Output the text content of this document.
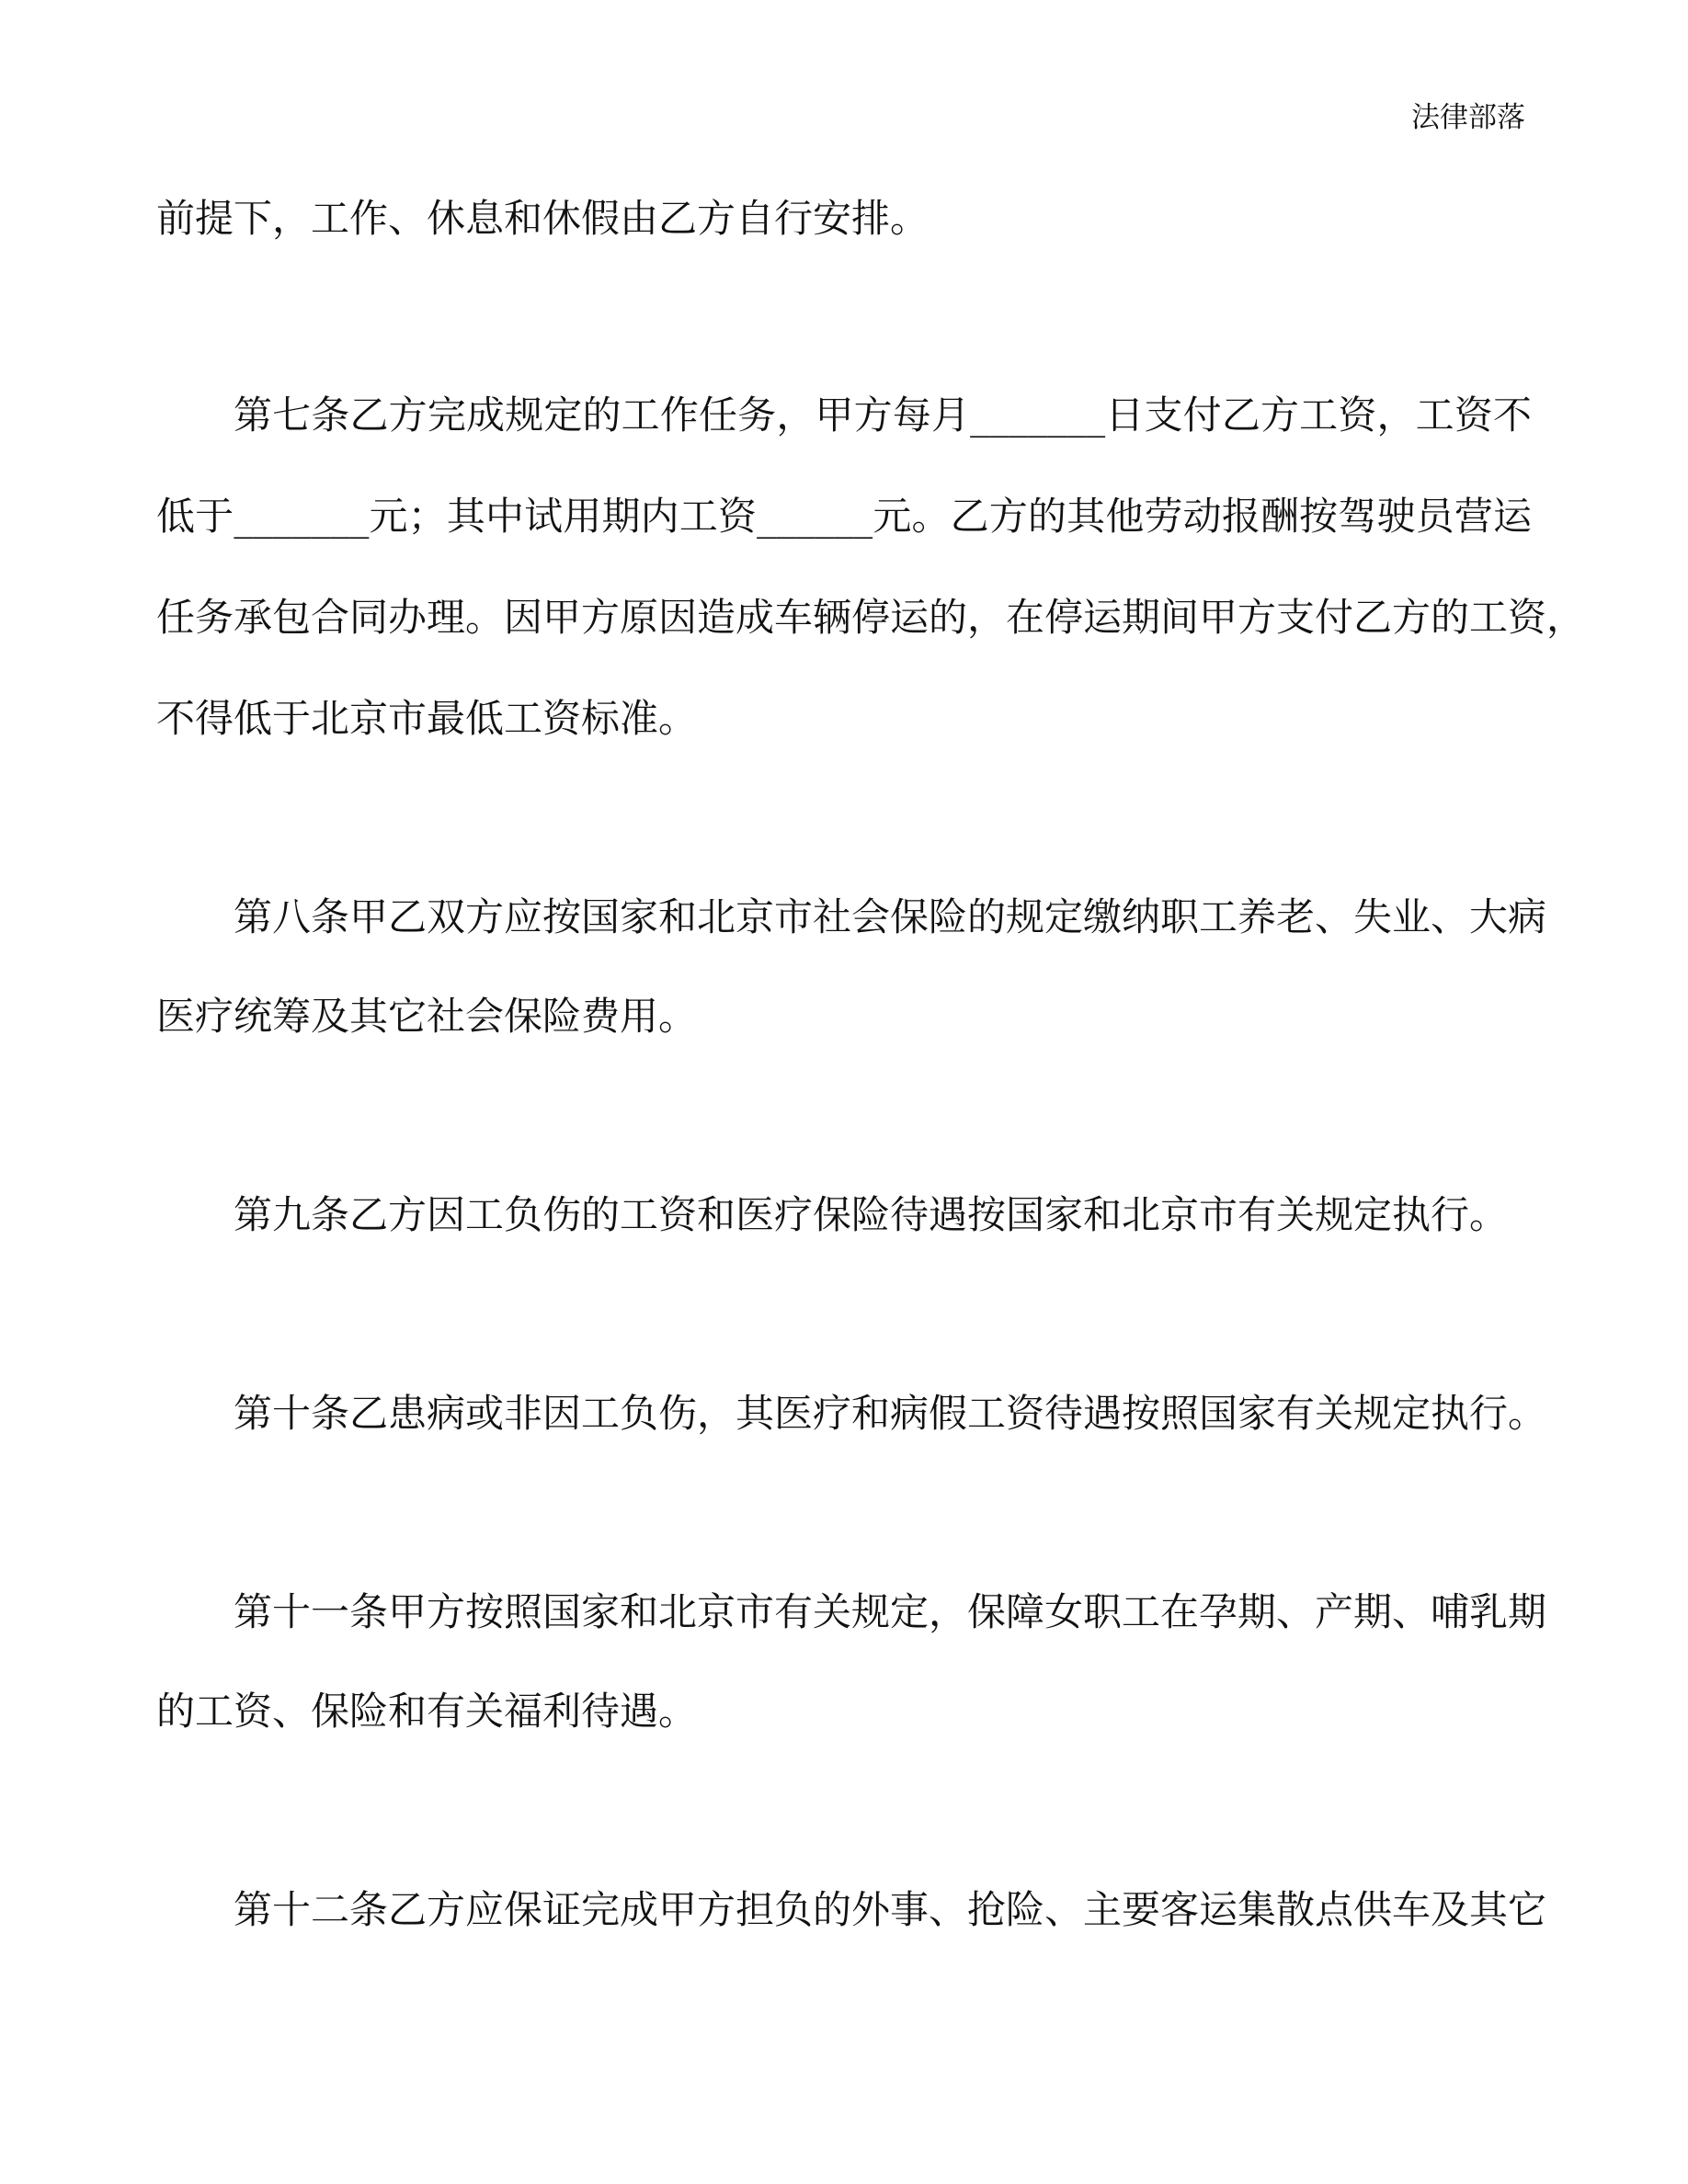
法律部落
前提下，工作、休息和休假由乙方自行安排。
第七条乙方完成规定的工作任务，甲方每月_______日支付乙方工资，工资不
低于_______元；其中试用期内工资______元。乙方的其他劳动报酬按驾驶员营运
任务承包合同办理。因甲方原因造成车辆停运的，在停运期间甲方支付乙方的工资，
不得低于北京市最低工资标准。
第八条甲乙双方应按国家和北京市社会保险的规定缴纳职工养老、失业、大病
医疗统筹及其它社会保险费用。
第九条乙方因工负伤的工资和医疗保险待遇按国家和北京市有关规定执行。
第十条乙患病或非因工负伤，其医疗和病假工资待遇按照国家有关规定执行。
第十一条甲方按照国家和北京市有关规定，保障女职工在孕期、产期、哺乳期
的工资、保险和有关福利待遇。
第十二条乙方应保证完成甲方担负的外事、抢险、主要客运集散点供车及其它
